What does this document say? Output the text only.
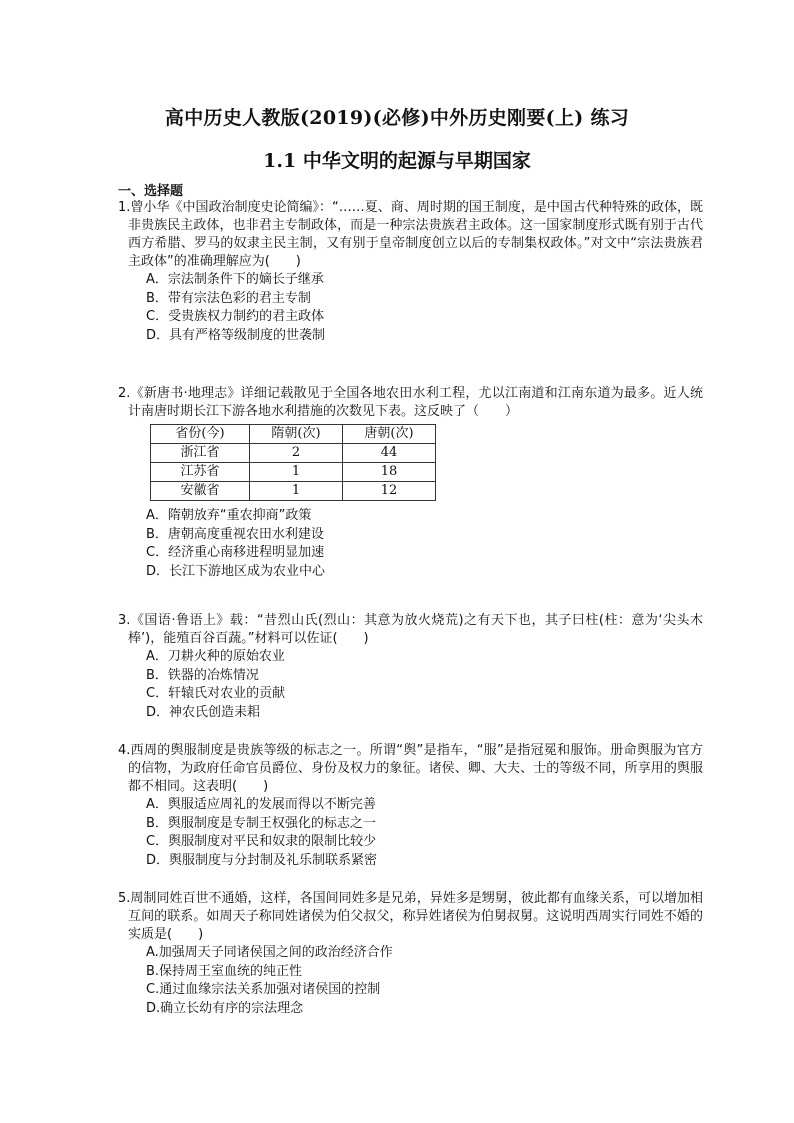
高中历史人教版(2019)(必修)中外历史刚要(上) 练习
1.1 中华文明的起源与早期国家
一、选择题

1.曾小华《中国政治制度史论简编》：“……夏、商、周时期的国王制度，是中国古代种特殊的政体，既非贵族民主政体，也非君主专制政体，而是一种宗法贵族君主政体。这一国家制度形式既有别于古代西方希腊、罗马的奴隶主民主制，又有别于皇帝制度创立以后的专制集权政体。”对文中“宗法贵族君主政体”的准确理解应为(　　)

A．宗法制条件下的嫡长子继承

B．带有宗法色彩的君主专制

C．受贵族权力制约的君主政体

D．具有严格等级制度的世袭制

2.《新唐书·地理志》详细记载散见于全国各地农田水利工程，尤以江南道和江南东道为最多。近人统计南唐时期长江下游各地水利措施的次数见下表。这反映了（　　）

省份(今)	隋朝(次)	唐朝(次)
浙江省	2	44
江苏省	1	18
安徽省	1	12

A．隋朝放弃“重农抑商”政策

B．唐朝高度重视农田水利建设

C．经济重心南移进程明显加速

D．长江下游地区成为农业中心

3.《国语·鲁语上》载：“昔烈山氏(烈山：其意为放火烧荒)之有天下也，其子曰柱(柱：意为‘尖头木棒’)，能殖百谷百蔬。”材料可以佐证(　　)

A．刀耕火种的原始农业

B．铁器的冶炼情况

C．轩辕氏对农业的贡献

D．神农氏创造耒耜

4.西周的舆服制度是贵族等级的标志之一。所谓“舆”是指车，“服”是指冠冕和服饰。册命舆服为官方的信物，为政府任命官员爵位、身份及权力的象征。诸侯、卿、大夫、士的等级不同，所享用的舆服都不相同。这表明(　　)

A．舆服适应周礼的发展而得以不断完善

B．舆服制度是专制王权强化的标志之一

C．舆服制度对平民和奴隶的限制比较少

D．舆服制度与分封制及礼乐制联系紧密

5.周制同姓百世不通婚，这样，各国间同姓多是兄弟，异姓多是甥舅，彼此都有血缘关系，可以增加相互间的联系。如周天子称同姓诸侯为伯父叔父，称异姓诸侯为伯舅叔舅。这说明西周实行同姓不婚的实质是(　　)

A.加强周天子同诸侯国之间的政治经济合作

B.保持周王室血统的纯正性

C.通过血缘宗法关系加强对诸侯国的控制

D.确立长幼有序的宗法理念
